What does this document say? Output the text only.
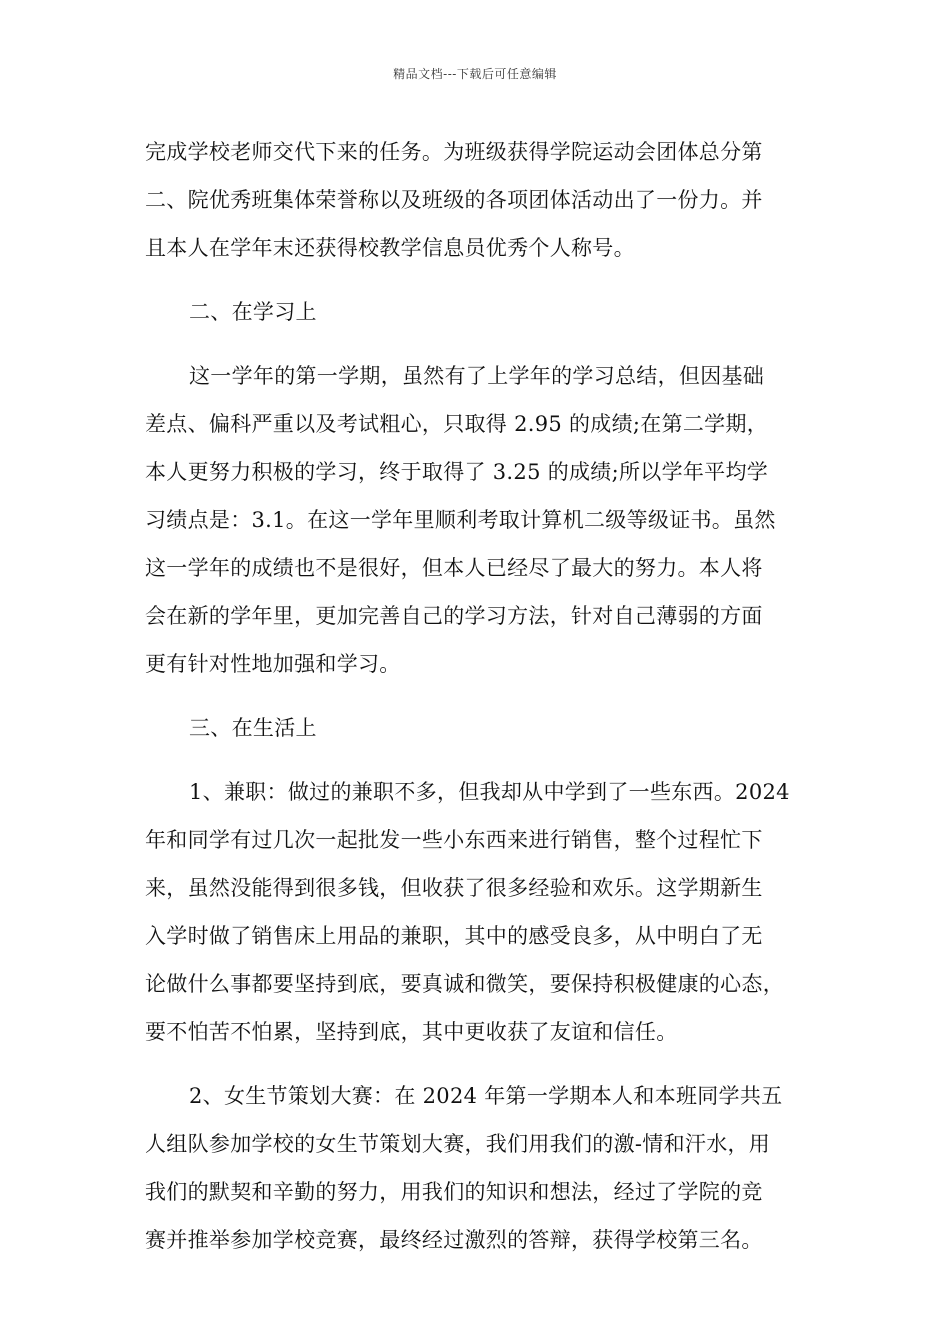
精品文档---下载后可任意编辑
完成学校老师交代下来的任务。为班级获得学院运动会团体总分第
二、院优秀班集体荣誉称以及班级的各项团体活动出了一份力。并
且本人在学年末还获得校教学信息员优秀个人称号。
二、在学习上
这一学年的第一学期，虽然有了上学年的学习总结，但因基础
差点、偏科严重以及考试粗心，只取得 2.95 的成绩;在第二学期，
本人更努力积极的学习，终于取得了 3.25 的成绩;所以学年平均学
习绩点是：3.1。在这一学年里顺利考取计算机二级等级证书。虽然
这一学年的成绩也不是很好，但本人已经尽了最大的努力。本人将
会在新的学年里，更加完善自己的学习方法，针对自己薄弱的方面
更有针对性地加强和学习。
三、在生活上
1、兼职：做过的兼职不多，但我却从中学到了一些东西。2024
年和同学有过几次一起批发一些小东西来进行销售，整个过程忙下
来，虽然没能得到很多钱，但收获了很多经验和欢乐。这学期新生
入学时做了销售床上用品的兼职，其中的感受良多，从中明白了无
论做什么事都要坚持到底，要真诚和微笑，要保持积极健康的心态，
要不怕苦不怕累，坚持到底，其中更收获了友谊和信任。
2、女生节策划大赛：在 2024 年第一学期本人和本班同学共五
人组队参加学校的女生节策划大赛，我们用我们的激-情和汗水，用
我们的默契和辛勤的努力，用我们的知识和想法，经过了学院的竞
赛并推举参加学校竞赛，最终经过激烈的答辩，获得学校第三名。
